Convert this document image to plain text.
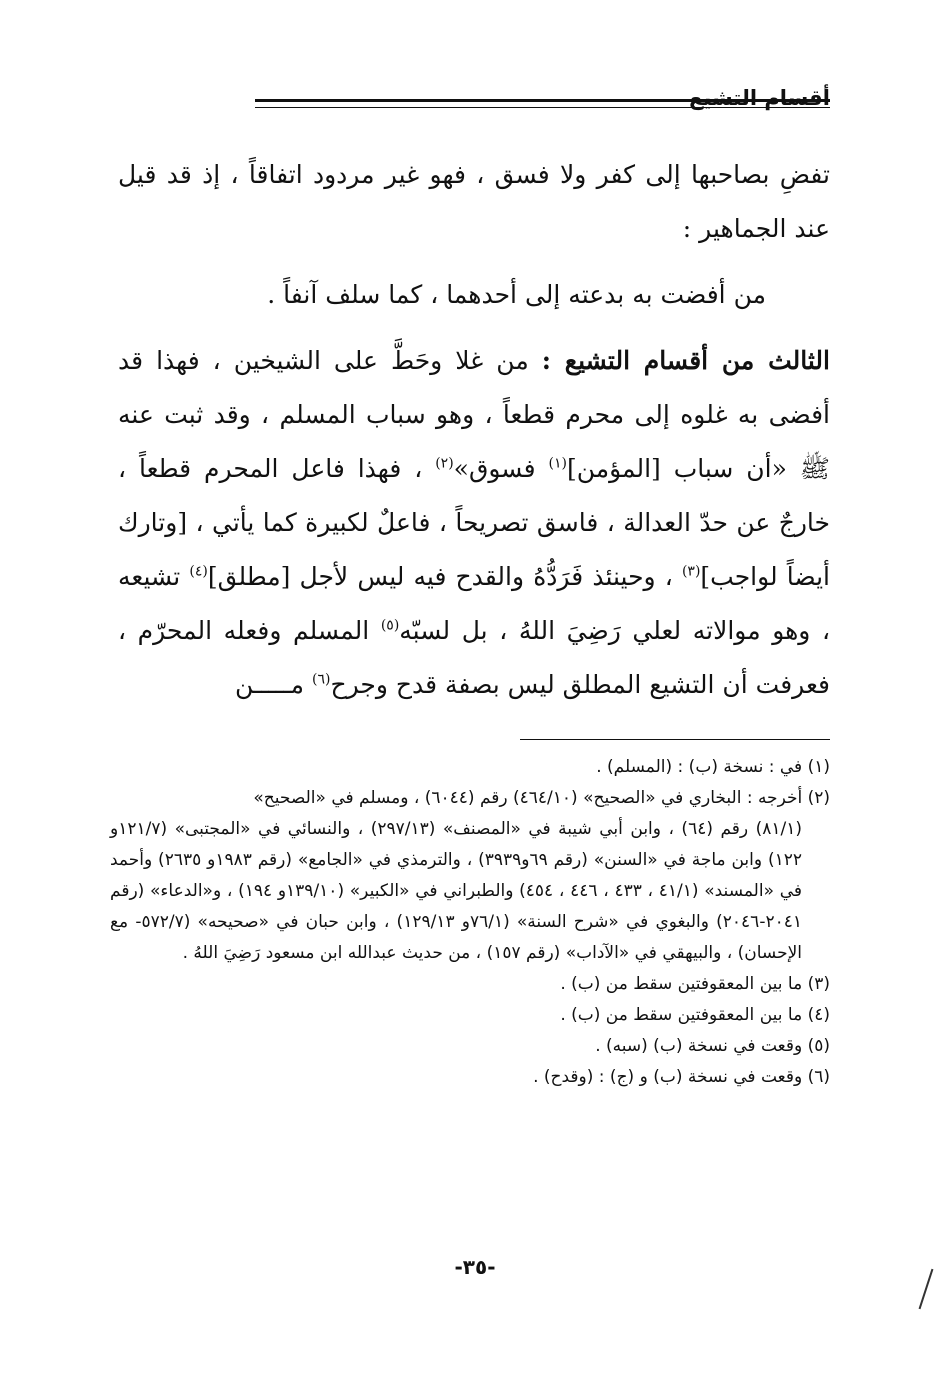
أقسام التشيع

تفضِ بصاحبها إلى كفر ولا فسق ، فهو غير مردود اتفاقاً ، إذ قد قيل عند الجماهير :

من أفضت به بدعته إلى أحدهما ، كما سلف آنفاً .

الثالث من أقسام التشيع : من غلا وحَطَّ على الشيخين ، فهذا قد أفضى به غلوه إلى محرم قطعاً ، وهو سباب المسلم ، وقد ثبت عنه ﷺ «أن سباب [المؤمن]$^{(١)}$ فسوق»$^{(٢)}$ ، فهذا فاعل المحرم قطعاً ، خارجٌ عن حدّ العدالة ، فاسق تصريحاً ، فاعلٌ لكبيرة كما يأتي ، [وتارك أيضاً لواجب]$^{(٣)}$ ، وحينئذ فَرَدُّهُ والقدح فيه ليس لأجل [مطلق]$^{(٤)}$ تشيعه ، وهو موالاته لعلي رَضِيَ اللهُ ، بل لسبّه$^{(٥)}$ المسلم وفعله المحرّم ، فعرفت أن التشيع المطلق ليس بصفة قدح وجرح$^{(٦)}$ مـــــن

(١) في : نسخة (ب) : (المسلم) .

(٢) أخرجه : البخاري في «الصحيح» (٤٦٤/١٠) رقم (٦٠٤٤) ، ومسلم في «الصحيح»

(٨١/١) رقم (٦٤) ، وابن أبي شيبة في «المصنف» (٢٩٧/١٣) ، والنسائي في «المجتبى» (١٢١/٧و ١٢٢) وابن ماجة في «السنن» (رقم ٦٩و٣٩٣٩) ، والترمذي في «الجامع» (رقم ١٩٨٣و ٢٦٣٥) وأحمد في «المسند» (٤١/١ ، ٤٣٣ ، ٤٤٦ ، ٤٥٤) والطبراني في «الكبير» (١٣٩/١٠و ١٩٤) ، و«الدعاء» (رقم ٢٠٤١-٢٠٤٦) والبغوي في «شرح السنة» (٧٦/١و ١٢٩/١٣) ، وابن حبان في «صحيحه» (٥٧٢/٧- مع الإحسان) ، والبيهقي في «الآداب» (رقم ١٥٧) ، من حديث عبدالله ابن مسعود رَضِيَ اللهُ .

(٣) ما بين المعقوفتين سقط من (ب) .

(٤) ما بين المعقوفتين سقط من (ب) .

(٥) وقعت في نسخة (ب) (سبه) .

(٦) وقعت في نسخة (ب) و (ج) : (وقدح) .

-٣٥-
